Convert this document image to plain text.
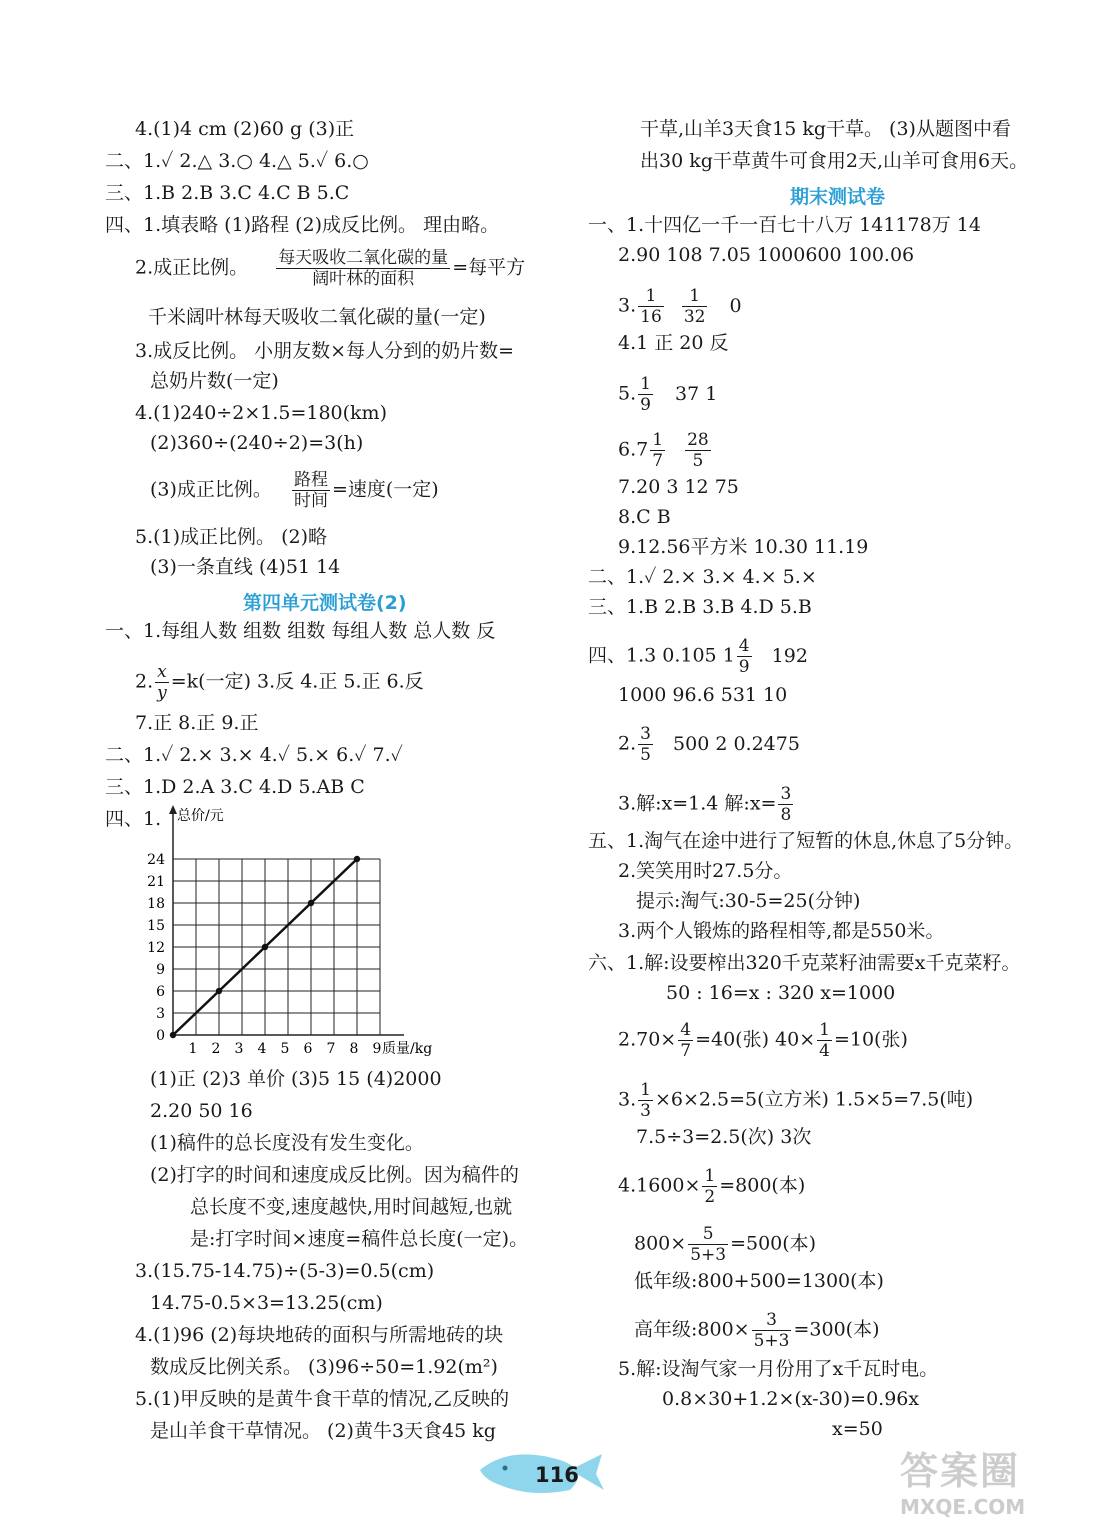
4.(1)4 cm (2)60 g (3)正
二、1.✓ 2.△ 3.○ 4.△ 5.✓ 6.○
三、1.B 2.B 3.C 4.C B 5.C
四、1.填表略 (1)路程 (2)成反比例。 理由略。
2.成正比例。 $\frac{\text{每天吸收二氧化碳的量}}{\text{阔叶林的面积}}$ =每平方
千米阔叶林每天吸收二氧化碳的量(一定)
3.成反比例。 小朋友数×每人分到的奶片数=
总奶片数(一定)
4.(1)240÷2×1.5=180(km)
(2)360÷(240÷2)=3(h)
(3)成正比例。 $\frac{\text{路程}}{\text{时间}}$ =速度(一定)
5.(1)成正比例。 (2)略
(3)一条直线 (4)51 14
第四单元测试卷(2)
一、1.每组人数 组数 组数 每组人数 总人数 反
2. $\frac{x}{y} =k$(一定) 3.反 4.正 5.正 6.反
7.正 8.正 9.正
二、1.✓ 2.× 3.× 4.✓ 5.× 6.✓ 7.✓
三、1.D 2.A 3.C 4.D 5.AB C
四、1.
0
3
6
9
12
15
18
21
24
1 2 3 4 5 6 7 8 9
总价/元
质量/kg
(1)正 (2)3 单价 (3)5 15 (4)2000
2.20 50 16
(1)稿件的总长度没有发生变化。
(2)打字的时间和速度成反比例。因为稿件的
总长度不变,速度越快,用时间越短,也就
是:打字时间×速度=稿件总长度(一定)。
3.(15.75-14.75)÷(5-3)=0.5(cm)
14.75-0.5×3=13.25(cm)
4.(1)96 (2)每块地砖的面积与所需地砖的块
数成反比例关系。 (3)96÷50=1.92(m²)
5.(1)甲反映的是黄牛食干草的情况,乙反映的
是山羊食干草情况。 (2)黄牛3天食45 kg
干草,山羊3天食15 kg干草。 (3)从题图中看
出30 kg干草黄牛可食用2天,山羊可食用6天。
期末测试卷
一、1.十四亿一千一百七十八万 141178万 14
2.90 108 7.05 1000600 100.06
3. $\frac{1}{16}$
$\frac{1}{32} 0$
4.1 正 20 反
5. $\frac{1}{9} 37$ 1
$6.7 \frac{1}{7}$
$\frac{28}{5}$
7.20 3 12 75
8.C B
9.12.56平方米 10.30 11.19
二、1.✓ 2.× 3.× 4.× 5.×
三、1.B 2.B 3.B 4.D 5.B
四、1.3 0.105 $1 \frac{4}{9} 192$
1000 96.6 531 10
2. $\frac{3}{5} 500$ 2 0.2475
3.解:x=1.4 解:x= $\frac{3}{8}$
五、1.淘气在途中进行了短暂的休息,休息了5分钟。
2.笑笑用时27.5分。
提示:淘气:30-5=25(分钟)
3.两个人锻炼的路程相等,都是550米。
六、1.解:设要榨出320千克菜籽油需要x千克菜籽。
50 : 16=x : 320 x=1000
$2.70\times \frac{4}{7} =40$(张) $40\times \frac{1}{4} =10$(张)
3. $\frac{1}{3} \times 6\times 2.5=5$(立方米) 1.5×5=7.5(吨)
7.5÷3=2.5(次) 3次
$4.1600\times \frac{1}{2} =800$(本)
$800\times \frac{5}{5+3} =500$(本)
低年级:800+500=1300(本)
高年级:800× $\frac{3}{5+3} =300$(本)
5.解:设淘气家一月份用了x千瓦时电。
0.8×30+1.2×(x-30)=0.96x
x=50
116	答案圈
MXQE.COM
